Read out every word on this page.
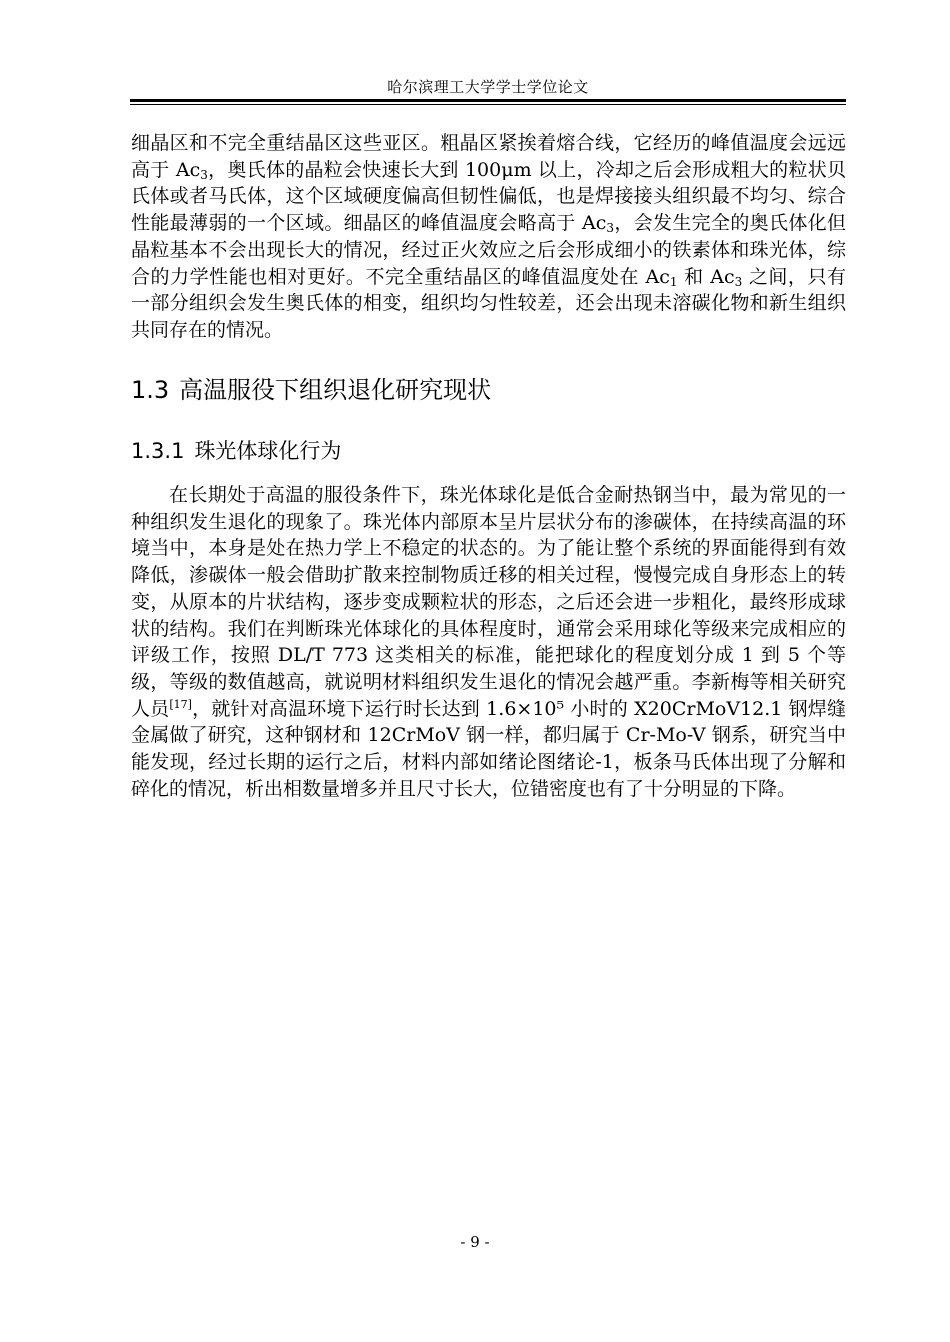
哈尔滨理工大学学士学位论文

细晶区和不完全重结晶区这些亚区。粗晶区紧挨着熔合线，它经历的峰值温度会远远高于 $Ac_3$，奥氏体的晶粒会快速长大到 100μm 以上，冷却之后会形成粗大的粒状贝氏体或者马氏体，这个区域硬度偏高但韧性偏低，也是焊接接头组织最不均匀、综合性能最薄弱的一个区域。细晶区的峰值温度会略高于 $Ac_3$，会发生完全的奥氏体化但晶粒基本不会出现长大的情况，经过正火效应之后会形成细小的铁素体和珠光体，综合的力学性能也相对更好。不完全重结晶区的峰值温度处在 $Ac_1$ 和 $Ac_3$ 之间，只有一部分组织会发生奥氏体的相变，组织均匀性较差，还会出现未溶碳化物和新生组织共同存在的情况。

1.3 高温服役下组织退化研究现状
1.3.1 珠光体球化行为

在长期处于高温的服役条件下，珠光体球化是低合金耐热钢当中，最为常见的一种组织发生退化的现象了。珠光体内部原本呈片层状分布的渗碳体，在持续高温的环境当中，本身是处在热力学上不稳定的状态的。为了能让整个系统的界面能得到有效降低，渗碳体一般会借助扩散来控制物质迁移的相关过程，慢慢完成自身形态上的转变，从原本的片状结构，逐步变成颗粒状的形态，之后还会进一步粗化，最终形成球状的结构。我们在判断珠光体球化的具体程度时，通常会采用球化等级来完成相应的评级工作，按照 DL/T 773 这类相关的标准，能把球化的程度划分成 1 到 5 个等级，等级的数值越高，就说明材料组织发生退化的情况会越严重。李新梅等相关研究人员[17]，就针对高温环境下运行时长达到 1.6×10⁵ 小时的 X20CrMoV12.1 钢焊缝金属做了研究，这种钢材和 12CrMoV 钢一样，都归属于 Cr-Mo-V 钢系，研究当中能发现，经过长期的运行之后，材料内部如绪论图绪论-1，板条马氏体出现了分解和碎化的情况，析出相数量增多并且尺寸长大，位错密度也有了十分明显的下降。

- 9 -
